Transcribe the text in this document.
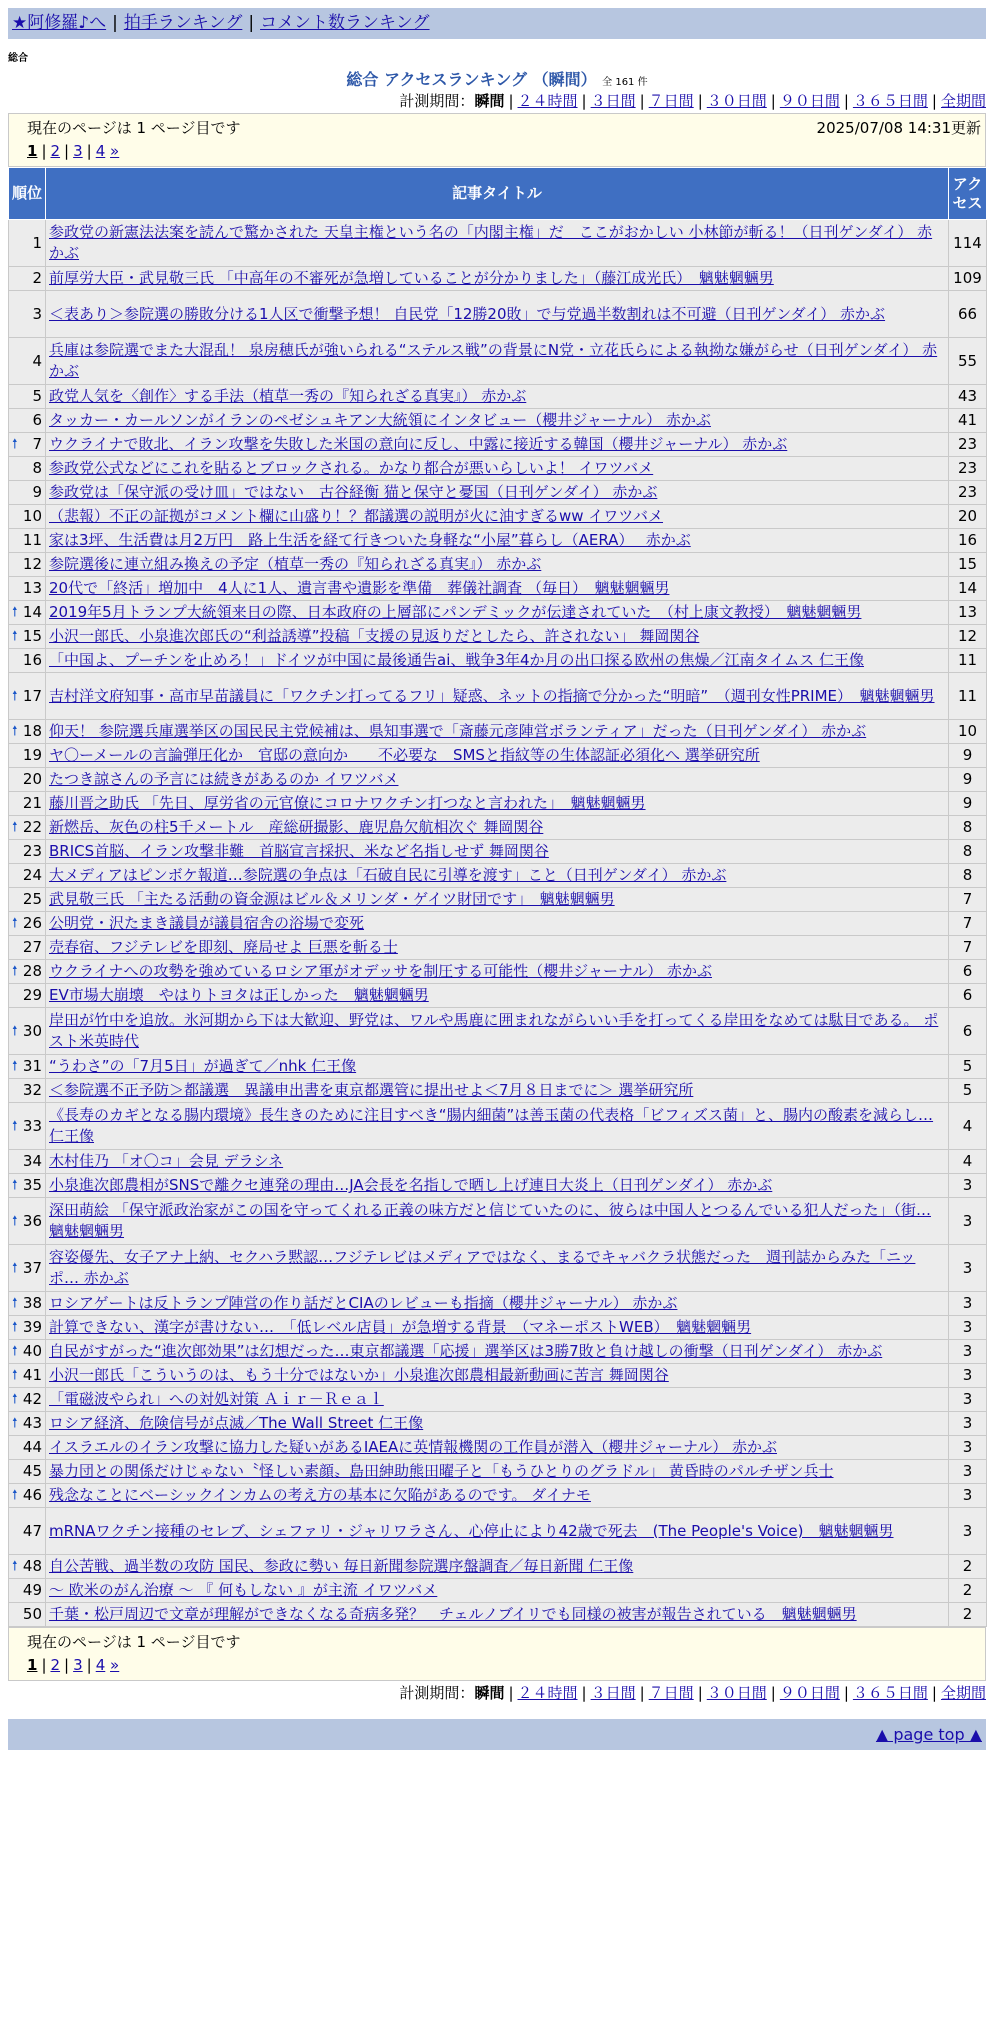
★阿修羅♪へ | 拍手ランキング | コメント数ランキング
総合
総合 アクセスランキング （瞬間） 全 161 件
計測期間：瞬間 | ２４時間 | ３日間 | ７日間 | ３０日間 | ９０日間 | ３６５日間 | 全期間
現在のページは 1 ページ目です	2025/07/08 14:31更新
1 | 2 | 3 | 4 »
順位	記事タイトル	アクセス
1	参政党の新憲法法案を読んで驚かされた 天皇主権という名の「内閣主権」だ　ここがおかしい 小林節が斬る！（日刊ゲンダイ） 赤かぶ	114
2	前厚労大臣・武見敬三氏 「中高年の不審死が急増していることが分かりました」（藤江成光氏）　魑魅魍魎男	109
3	＜表あり＞参院選の勝敗分ける1人区で衝撃予想！ 自民党「12勝20敗」で与党過半数割れは不可避（日刊ゲンダイ） 赤かぶ	66
4	兵庫は参院選でまた大混乱！ 泉房穂氏が強いられる“ステルス戦”の背景にN党・立花氏らによる執拗な嫌がらせ（日刊ゲンダイ） 赤かぶ	55
5	政党人気を〈創作〉する手法（植草一秀の『知られざる真実』） 赤かぶ	43
6	タッカー・カールソンがイランのペゼシュキアン大統領にインタビュー（櫻井ジャーナル） 赤かぶ	41

🠕 7	ウクライナで敗北、イラン攻撃を失敗した米国の意向に反し、中露に接近する韓国（櫻井ジャーナル） 赤かぶ	23
8	参政党公式などにこれを貼るとブロックされる。かなり都合が悪いらしいよ！ イワツバメ	23
9	参政党は「保守派の受け皿」ではない　古谷経衡 猫と保守と憂国（日刊ゲンダイ） 赤かぶ	23
10	（悲報）不正の証拠がコメント欄に山盛り！？都議選の説明が火に油すぎるww イワツバメ	20
11	家は3坪、生活費は月2万円　路上生活を経て行きついた身軽な“小屋”暮らし（AERA）　 赤かぶ	16
12	参院選後に連立組み換えの予定（植草一秀の『知られざる真実』） 赤かぶ	15
13	20代で「終活」増加中　4人に1人、遺言書や遺影を準備　葬儀社調査 （毎日）　魑魅魍魎男	14

🠕 14	2019年5月トランプ大統領来日の際、日本政府の上層部にパンデミックが伝達されていた　（村上康文教授）　魑魅魍魎男	13

🠕 15	小沢一郎氏、小泉進次郎氏の“利益誘導”投稿「支援の見返りだとしたら、許されない」 舞岡関谷	12
16	「中国よ、プーチンを止めろ！」ドイツが中国に最後通告ai、戦争3年4か月の出口探る欧州の焦燥／江南タイムス 仁王像	11

🠕 17	吉村洋文府知事・高市早苗議員に「ワクチン打ってるフリ」疑惑、ネットの指摘で分かった“明暗”　（週刊女性PRIME）　魑魅魍魎男	11

🠕 18	仰天！ 参院選兵庫選挙区の国民民主党候補は、県知事選で「斎藤元彦陣営ボランティア」だった（日刊ゲンダイ） 赤かぶ	10
19	ヤ〇ーメールの言論弾圧化か　官邸の意向か　　不必要な　SMSと指紋等の生体認証必須化へ 選挙研究所	9
20	たつき諒さんの予言には続きがあるのか イワツバメ	9
21	藤川晋之助氏 「先日、厚労省の元官僚にコロナワクチン打つなと言われた」　魑魅魍魎男	9

🠕 22	新燃岳、灰色の柱5千メートル　産総研撮影、鹿児島欠航相次ぐ 舞岡関谷	8
23	BRICS首脳、イラン攻撃非難　首脳宣言採択、米など名指しせず 舞岡関谷	8
24	大メディアはピンボケ報道…参院選の争点は「石破自民に引導を渡す」こと（日刊ゲンダイ） 赤かぶ	8
25	武見敬三氏 「主たる活動の資金源はビル＆メリンダ・ゲイツ財団です」　魑魅魍魎男	7

🠕 26	公明党・沢たまき議員が議員宿舎の浴場で変死	7
27	売春宿、フジテレビを即刻、廃局せよ 巨悪を斬る士	7

🠕 28	ウクライナへの攻勢を強めているロシア軍がオデッサを制圧する可能性（櫻井ジャーナル） 赤かぶ	6
29	EV市場大崩壊　やはりトヨタは正しかった　魑魅魍魎男	6

🠕 30	岸田が竹中を追放。氷河期から下は大歓迎、野党は、ワルや馬鹿に囲まれながらいい手を打ってくる岸田をなめては駄目である。 ポスト米英時代	6

🠕 31	“うわさ”の「7月5日」が過ぎて／nhk 仁王像	5
32	＜参院選不正予防＞都議選　異議申出書を東京都選管に提出せよ＜7月８日までに＞ 選挙研究所	5

🠕 33	《長寿のカギとなる腸内環境》長生きのために注目すべき“腸内細菌”は善玉菌の代表格「ビフィズス菌」と、腸内の酸素を減らし… 仁王像	4
34	木村佳乃 「オ〇コ」会見 デラシネ	4

🠕 35	小泉進次郎農相がSNSで離クセ連発の理由…JA会長を名指しで晒し上げ連日大炎上（日刊ゲンダイ） 赤かぶ	3

🠕 36	深田萌絵 「保守派政治家がこの国を守ってくれる正義の味方だと信じていたのに、彼らは中国人とつるんでいる犯人だった」（街… 魑魅魍魎男	3

🠕 37	容姿優先、女子アナ上納、セクハラ黙認…フジテレビはメディアではなく、まるでキャバクラ状態だった　週刊誌からみた「ニッポ… 赤かぶ	3

🠕 38	ロシアゲートは反トランプ陣営の作り話だとCIAのレビューも指摘（櫻井ジャーナル） 赤かぶ	3

🠕 39	計算できない、漢字が書けない…　「低レベル店員」が急増する背景　（マネーポストWEB）　魑魅魍魎男	3

🠕 40	自民がすがった“進次郎効果”は幻想だった…東京都議選「応援」選挙区は3勝7敗と負け越しの衝撃（日刊ゲンダイ） 赤かぶ	3

🠕 41	小沢一郎氏「こういうのは、もう十分ではないか」小泉進次郎農相最新動画に苦言 舞岡関谷	3

🠕 42	「電磁波やられ」への対処対策 Ａｉｒ－Ｒｅａｌ	3

🠕 43	ロシア経済、危険信号が点滅／The Wall Street 仁王像	3
44	イスラエルのイラン攻撃に協力した疑いがあるIAEAに英情報機関の工作員が潜入（櫻井ジャーナル） 赤かぶ	3
45	暴力団との関係だけじゃない〝怪しい素顔〟島田紳助熊田曜子と「もうひとりのグラドル」 黄昏時のパルチザン兵士	3

🠕 46	残念なことにベーシックインカムの考え方の基本に欠陥があるのです。 ダイナモ	3
47	mRNAワクチン接種のセレブ、シェファリ・ジャリワラさん、心停止により42歳で死去　(The People's Voice)　魑魅魍魎男	3

🠕 48	自公苦戦、過半数の攻防 国民、参政に勢い 毎日新聞参院選序盤調査／毎日新聞 仁王像	2
49	～ 欧米のがん治療 ～ 『 何もしない 』が主流 イワツバメ	2
50	千葉・松戸周辺で文章が理解ができなくなる奇病多発？　チェルノブイリでも同様の被害が報告されている　魑魅魍魎男	2
現在のページは 1 ページ目です
1 | 2 | 3 | 4 »
計測期間：瞬間 | ２４時間 | ３日間 | ７日間 | ３０日間 | ９０日間 | ３６５日間 | 全期間
▲ page top ▲
